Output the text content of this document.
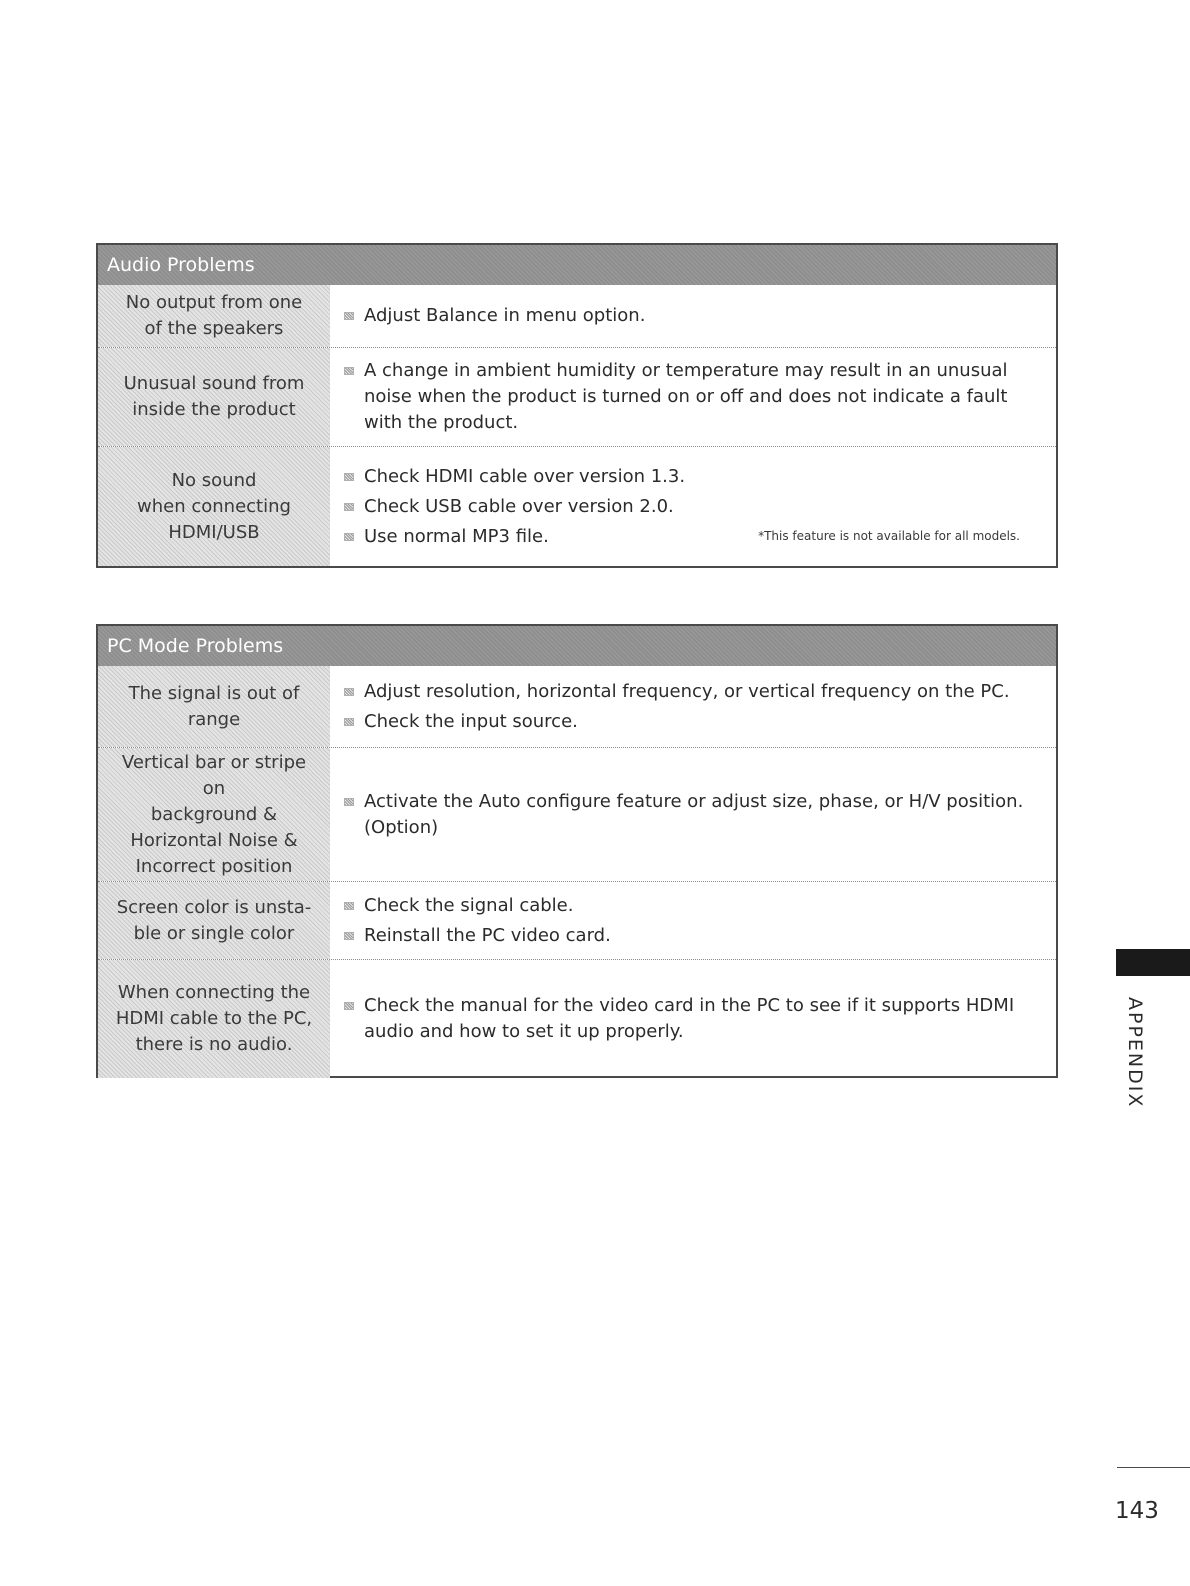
Audio Problems
No output from one
of the speakers
Adjust Balance in menu option.
Unusual sound from
inside the product
A change in ambient humidity or temperature may result in an unusual noise when the product is turned on or off and does not indicate a fault with the product.
No sound
when connecting
HDMI/USB
Check HDMI cable over version 1.3.
Check USB cable over version 2.0.
Use normal MP3 file.	*This feature is not available for all models.
PC Mode Problems
The signal is out of
range
Adjust resolution, horizontal frequency, or vertical frequency on the PC.
Check the input source.
Vertical bar or stripe
on
background &
Horizontal Noise &
Incorrect position
Activate the Auto configure feature or adjust size, phase, or H/V position. (Option)
Screen color is unsta-
ble or single color
Check the signal cable.
Reinstall the PC video card.
When connecting the
HDMI cable to the PC,
there is no audio.
Check the manual for the video card in the PC to see if it supports HDMI audio and how to set it up properly.	APPENDIX
143
